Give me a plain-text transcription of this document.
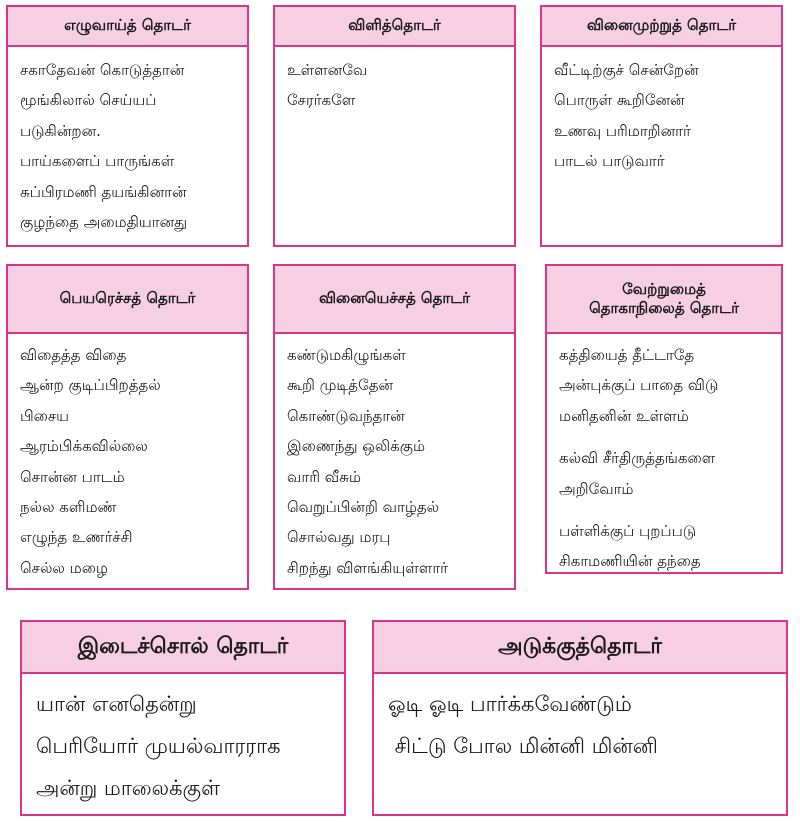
எழுவாய்த் தொடர்
சகாதேவன் கொடுத்தான்
மூங்கிலால் செய்யப்
படுகின்றன.
பாய்களைப் பாருங்கள்
சுப்பிரமணி தயங்கினான்
குழந்தை அமைதியானது
விளித்தொடர்
உள்ளனவே
சேரர்களே
வினைமுற்றுத் தொடர்
வீட்டிற்குச் சென்றேன்
பொருள் கூறினேன்
உணவு பரிமாறினார்
பாடல் பாடுவார்
பெயரெச்சத் தொடர்
விதைத்த விதை
ஆன்ற குடிப்பிறத்தல்
பிசைய
ஆரம்பிக்கவில்லை
சொன்ன பாடம்
நல்ல களிமண்
எழுந்த உணர்ச்சி
செல்ல மழை
வினையெச்சத் தொடர்
கண்டுமகிழுங்கள்
கூறி முடித்தேன்
கொண்டுவந்தான்
இணைந்து ஒலிக்கும்
வாரி வீசும்
வெறுப்பின்றி வாழ்தல்
சொல்வது மரபு
சிறந்து விளங்கியுள்ளார்
வேற்றுமைத்
தொகாநிலைத் தொடர்
கத்தியைத் தீட்டாதே
அன்புக்குப் பாதை விடு
மனிதனின் உள்ளம்
கல்வி சீர்திருத்தங்களை
அறிவோம்
பள்ளிக்குப் புறப்படு
சிகாமணியின் தந்தை
இடைச்சொல் தொடர்
யான் எனதென்று
பெரியோர் முயல்வாரராக
அன்று மாலைக்குள்
அடுக்குத்தொடர்
ஓடி ஓடி பார்க்கவேண்டும்
சிட்டு போல மின்னி மின்னி
